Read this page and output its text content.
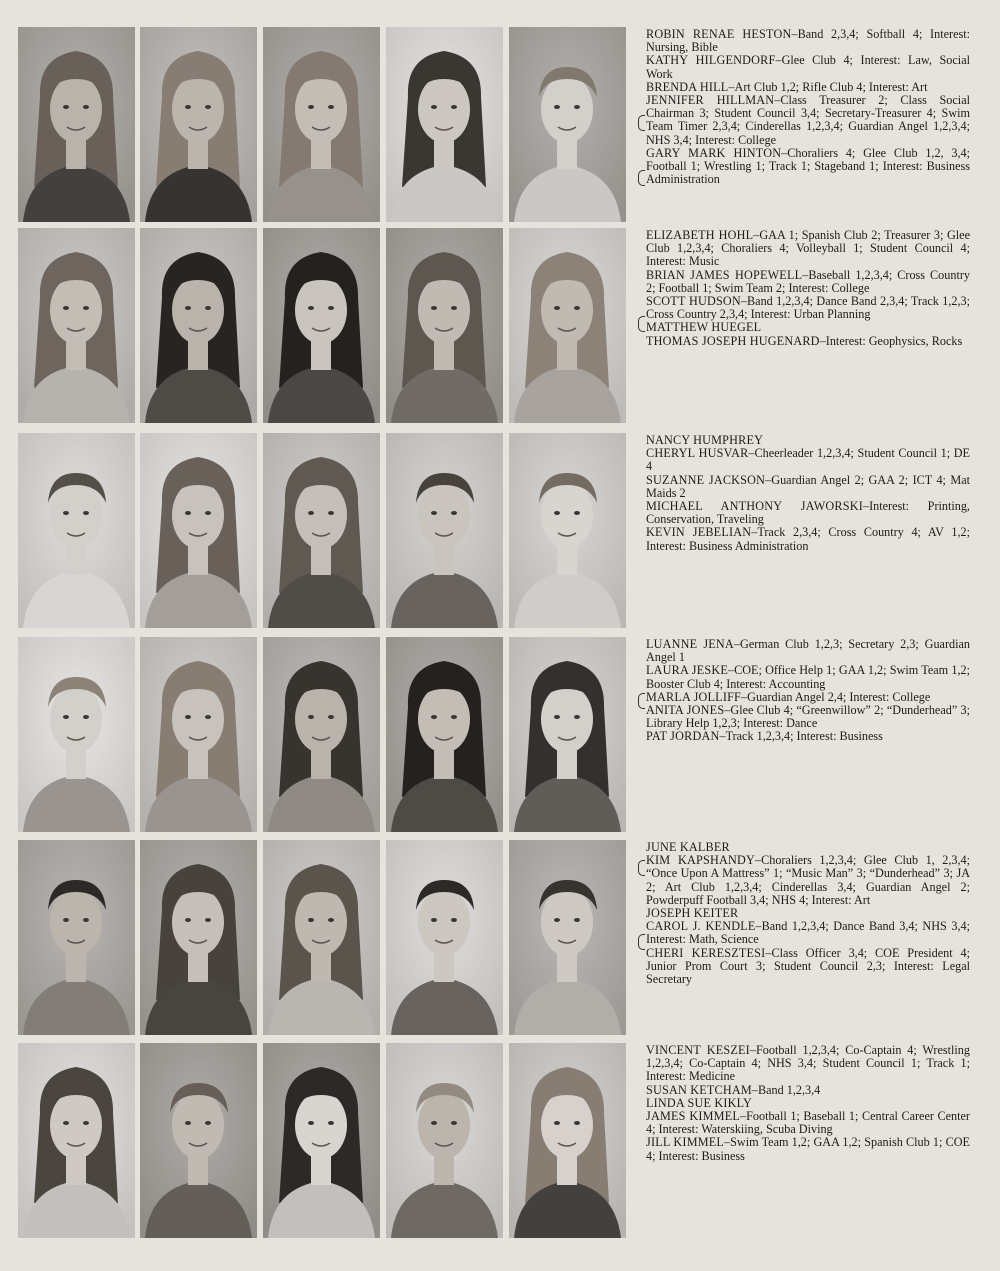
ROBIN RENAE HESTON–Band 2,3,4; Softball 4; Interest: Nursing, Bible

KATHY HILGENDORF–Glee Club 4; Interest: Law, Social Work

BRENDA HILL–Art Club 1,2; Rifle Club 4; Interest: Art

JENNIFER HILLMAN–Class Treasurer 2; Class Social Chairman 3; Student Council 3,4; Secretary-Treasurer 4; Swim Team Timer 2,3,4; Cinderellas 1,2,3,4; Guardian Angel 1,2,3,4; NHS 3,4; Interest: College

GARY MARK HINTON–Choraliers 4; Glee Club 1,2, 3,4; Football 1; Wrestling 1; Track 1; Stageband 1; Interest: Business Administration

ELIZABETH HOHL–GAA 1; Spanish Club 2; Treasurer 3; Glee Club 1,2,3,4; Choraliers 4; Volleyball 1; Student Council 4; Interest: Music

BRIAN JAMES HOPEWELL–Baseball 1,2,3,4; Cross Country 2; Football 1; Swim Team 2; Interest: College

SCOTT HUDSON–Band 1,2,3,4; Dance Band 2,3,4; Track 1,2,3; Cross Country 2,3,4; Interest: Urban Planning

MATTHEW HUEGEL

THOMAS JOSEPH HUGENARD–Interest: Geophysics, Rocks

NANCY HUMPHREY

CHERYL HUSVAR–Cheerleader 1,2,3,4; Student Council 1; DE 4

SUZANNE JACKSON–Guardian Angel 2; GAA 2; ICT 4; Mat Maids 2

MICHAEL ANTHONY JAWORSKI–Interest: Printing, Conservation, Traveling

KEVIN JEBELIAN–Track 2,3,4; Cross Country 4; AV 1,2; Interest: Business Administration

LUANNE JENA–German Club 1,2,3; Secretary 2,3; Guardian Angel 1

LAURA JESKE–COE; Office Help 1; GAA 1,2; Swim Team 1,2; Booster Club 4; Interest: Accounting

MARLA JOLLIFF–Guardian Angel 2,4; Interest: College

ANITA JONES–Glee Club 4; “Greenwillow” 2; “Dunderhead” 3; Library Help 1,2,3; Interest: Dance

PAT JORDAN–Track 1,2,3,4; Interest: Business

JUNE KALBER

KIM KAPSHANDY–Choraliers 1,2,3,4; Glee Club 1, 2,3,4; “Once Upon A Mattress” 1; “Music Man” 3; “Dunderhead” 3; JA 2; Art Club 1,2,3,4; Cinderellas 3,4; Guardian Angel 2; Powderpuff Football 3,4; NHS 4; Interest: Art

JOSEPH KEITER

CAROL J. KENDLE–Band 1,2,3,4; Dance Band 3,4; NHS 3,4; Interest: Math, Science

CHERI KERESZTESI–Class Officer 3,4; COE President 4; Junior Prom Court 3; Student Council 2,3; Interest: Legal Secretary

VINCENT KESZEI–Football 1,2,3,4; Co-Captain 4; Wrestling 1,2,3,4; Co-Captain 4; NHS 3,4; Student Council 1; Track 1; Interest: Medicine

SUSAN KETCHAM–Band 1,2,3,4

LINDA SUE KIKLY

JAMES KIMMEL–Football 1; Baseball 1; Central Career Center 4; Interest: Waterskiing, Scuba Diving

JILL KIMMEL–Swim Team 1,2; GAA 1,2; Spanish Club 1; COE 4; Interest: Business
